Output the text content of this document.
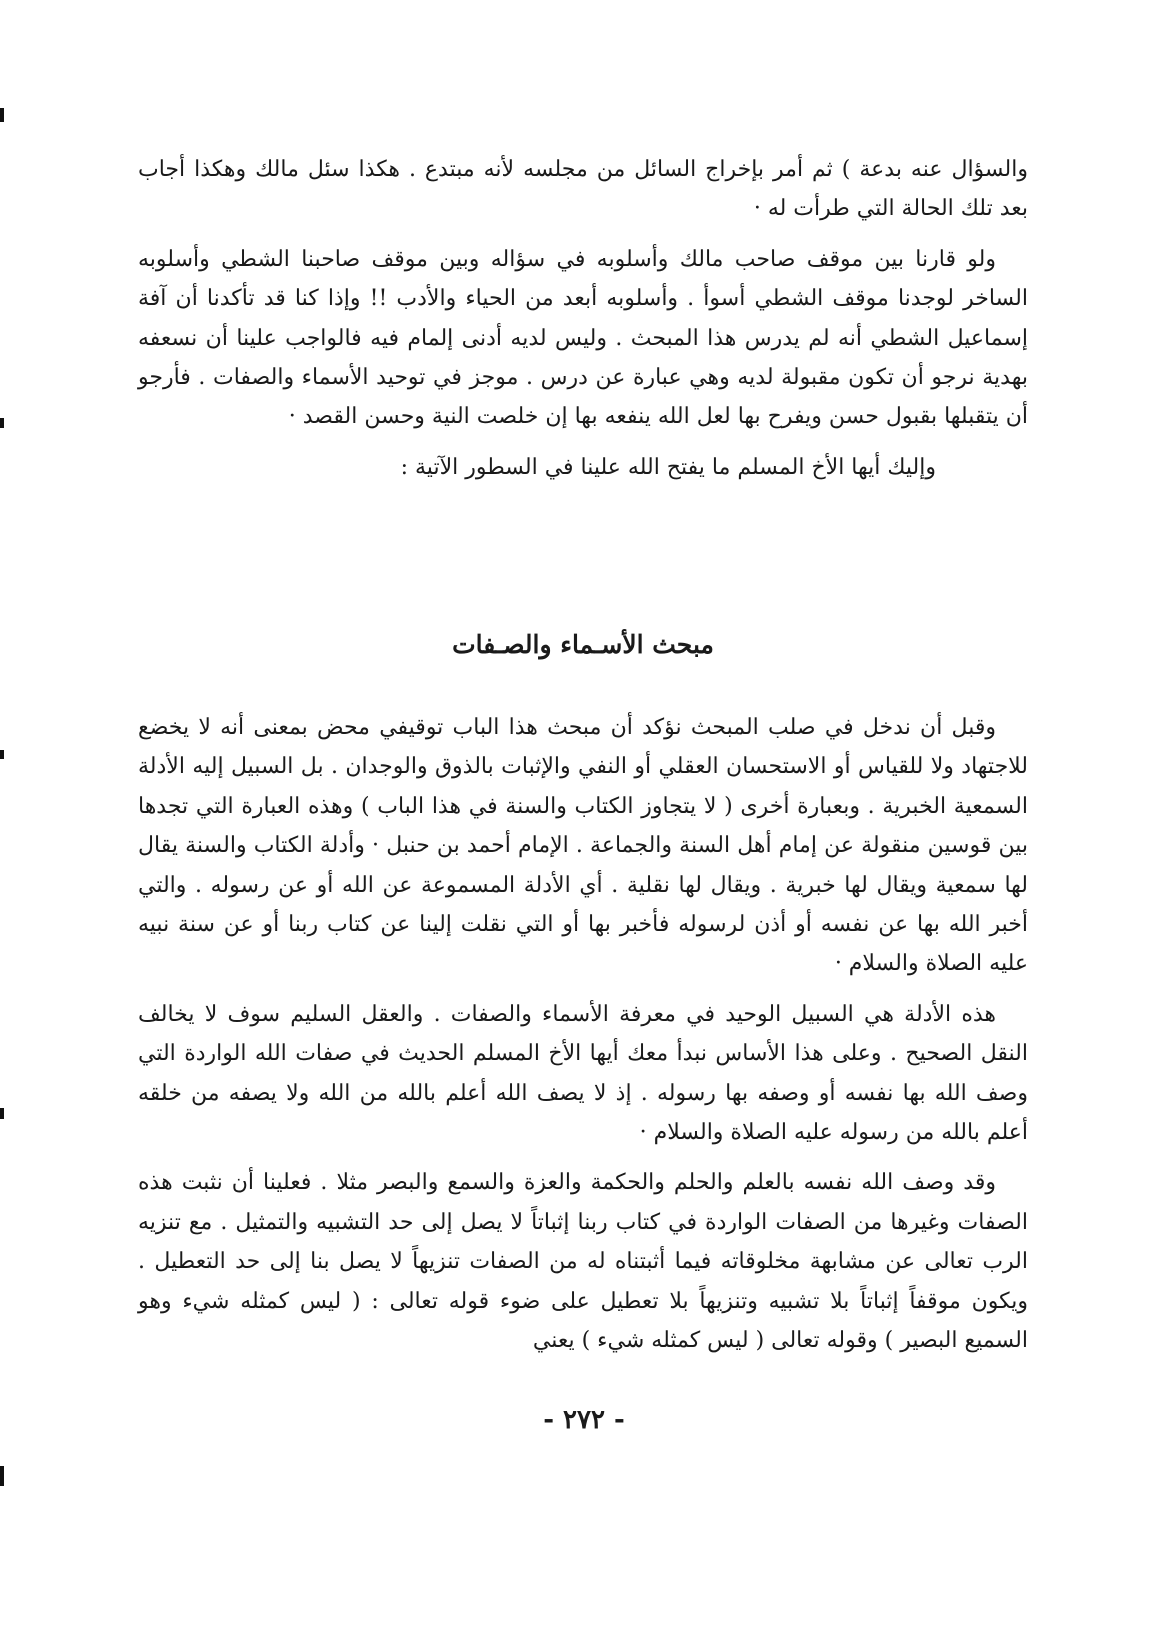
والسؤال عنه بدعة ) ثم أمر بإخراج السائل من مجلسه لأنه مبتدع . هكذا سئل مالك وهكذا أجاب بعد تلك الحالة التي طرأت له ·

ولو قارنا بين موقف صاحب مالك وأسلوبه في سؤاله وبين موقف صاحبنا الشطي وأسلوبه الساخر لوجدنا موقف الشطي أسوأ . وأسلوبه أبعد من الحياء والأدب !! وإذا كنا قد تأكدنا أن آفة إسماعيل الشطي أنه لم يدرس هذا المبحث . وليس لديه أدنى إلمام فيه فالواجب علينا أن نسعفه بهدية نرجو أن تكون مقبولة لديه وهي عبارة عن درس . موجز في توحيد الأسماء والصفات . فأرجو أن يتقبلها بقبول حسن ويفرح بها لعل الله ينفعه بها إن خلصت النية وحسن القصد ·

وإليك أيها الأخ المسلم ما يفتح الله علينا في السطور الآتية :

مبحث الأسـماء والصـفات

وقبل أن ندخل في صلب المبحث نؤكد أن مبحث هذا الباب توقيفي محض بمعنى أنه لا يخضع للاجتهاد ولا للقياس أو الاستحسان العقلي أو النفي والإثبات بالذوق والوجدان . بل السبيل إليه الأدلة السمعية الخبرية . وبعبارة أخرى ( لا يتجاوز الكتاب والسنة في هذا الباب ) وهذه العبارة التي تجدها بين قوسين منقولة عن إمام أهل السنة والجماعة . الإمام أحمد بن حنبل · وأدلة الكتاب والسنة يقال لها سمعية ويقال لها خبرية . ويقال لها نقلية . أي الأدلة المسموعة عن الله أو عن رسوله . والتي أخبر الله بها عن نفسه أو أذن لرسوله فأخبر بها أو التي نقلت إلينا عن كتاب ربنا أو عن سنة نبيه عليه الصلاة والسلام ·

هذه الأدلة هي السبيل الوحيد في معرفة الأسماء والصفات . والعقل السليم سوف لا يخالف النقل الصحيح . وعلى هذا الأساس نبدأ معك أيها الأخ المسلم الحديث في صفات الله الواردة التي وصف الله بها نفسه أو وصفه بها رسوله . إذ لا يصف الله أعلم بالله من الله ولا يصفه من خلقه أعلم بالله من رسوله عليه الصلاة والسلام ·

وقد وصف الله نفسه بالعلم والحلم والحكمة والعزة والسمع والبصر مثلا . فعلينا أن نثبت هذه الصفات وغيرها من الصفات الواردة في كتاب ربنا إثباتاً لا يصل إلى حد التشبيه والتمثيل . مع تنزيه الرب تعالى عن مشابهة مخلوقاته فيما أثبتناه له من الصفات تنزيهاً لا يصل بنا إلى حد التعطيل . ويكون موقفاً إثباتاً بلا تشبيه وتنزيهاً بلا تعطيل على ضوء قوله تعالى : ( ليس كمثله شيء وهو السميع البصير ) وقوله تعالى ( ليس كمثله شيء ) يعني

- ٢٧٢ -
